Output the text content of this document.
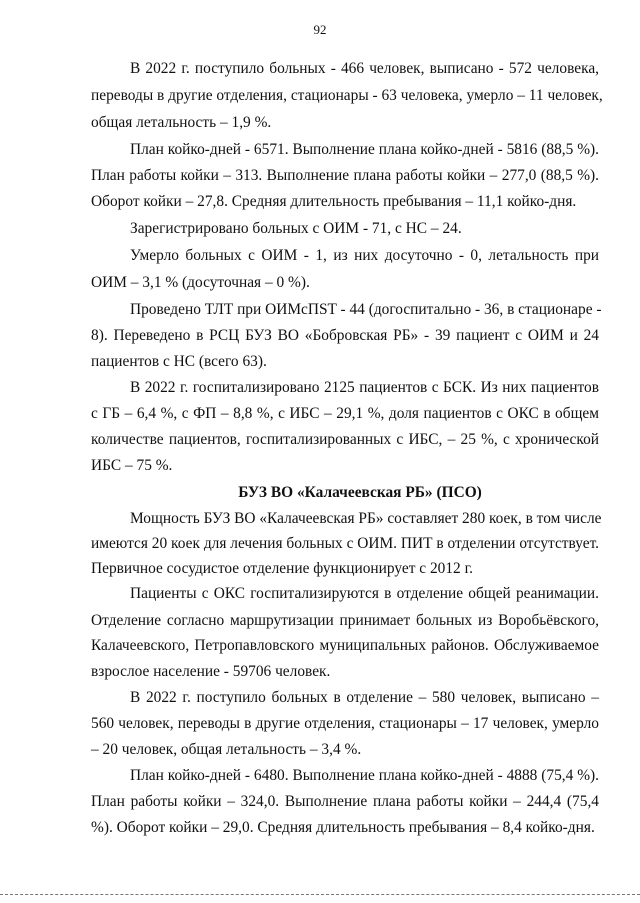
92
В 2022 г. поступило больных - 466 человек, выписано - 572 человека,
переводы в другие отделения, стационары - 63 человека, умерло – 11 человек,
общая летальность – 1,9 %.
План койко-дней - 6571. Выполнение плана койко-дней - 5816 (88,5 %).
План работы койки – 313. Выполнение плана работы койки – 277,0 (88,5 %).
Оборот койки – 27,8. Средняя длительность пребывания – 11,1 койко-дня.
Зарегистрировано больных с ОИМ - 71, с НС – 24.
Умерло больных с ОИМ - 1, из них досуточно - 0, летальность при
ОИМ – 3,1 % (досуточная – 0 %).
Проведено ТЛТ при ОИМсПST - 44 (догоспитально - 36, в стационаре -
8). Переведено в РСЦ БУЗ ВО «Бобровская РБ» - 39 пациент с ОИМ и 24
пациентов с НС (всего 63).
В 2022 г. госпитализировано 2125 пациентов с БСК. Из них пациентов
с ГБ – 6,4 %, с ФП – 8,8 %, с ИБС – 29,1 %, доля пациентов с ОКС в общем
количестве пациентов, госпитализированных с ИБС, – 25 %, с хронической
ИБС – 75 %.
БУЗ ВО «Калачеевская РБ» (ПСО)
Мощность БУЗ ВО «Калачеевская РБ» составляет 280 коек, в том числе
имеются 20 коек для лечения больных с ОИМ. ПИТ в отделении отсутствует.
Первичное сосудистое отделение функционирует с 2012 г.
Пациенты с ОКС госпитализируются в отделение общей реанимации.
Отделение согласно маршрутизации принимает больных из Воробьёвского,
Калачеевского, Петропавловского муниципальных районов. Обслуживаемое
взрослое население - 59706 человек.
В 2022 г. поступило больных в отделение – 580 человек, выписано –
560 человек, переводы в другие отделения, стационары – 17 человек, умерло
– 20 человек, общая летальность – 3,4 %.
План койко-дней - 6480. Выполнение плана койко-дней - 4888 (75,4 %).
План работы койки – 324,0. Выполнение плана работы койки – 244,4 (75,4
%). Оборот койки – 29,0. Средняя длительность пребывания – 8,4 койко-дня.
